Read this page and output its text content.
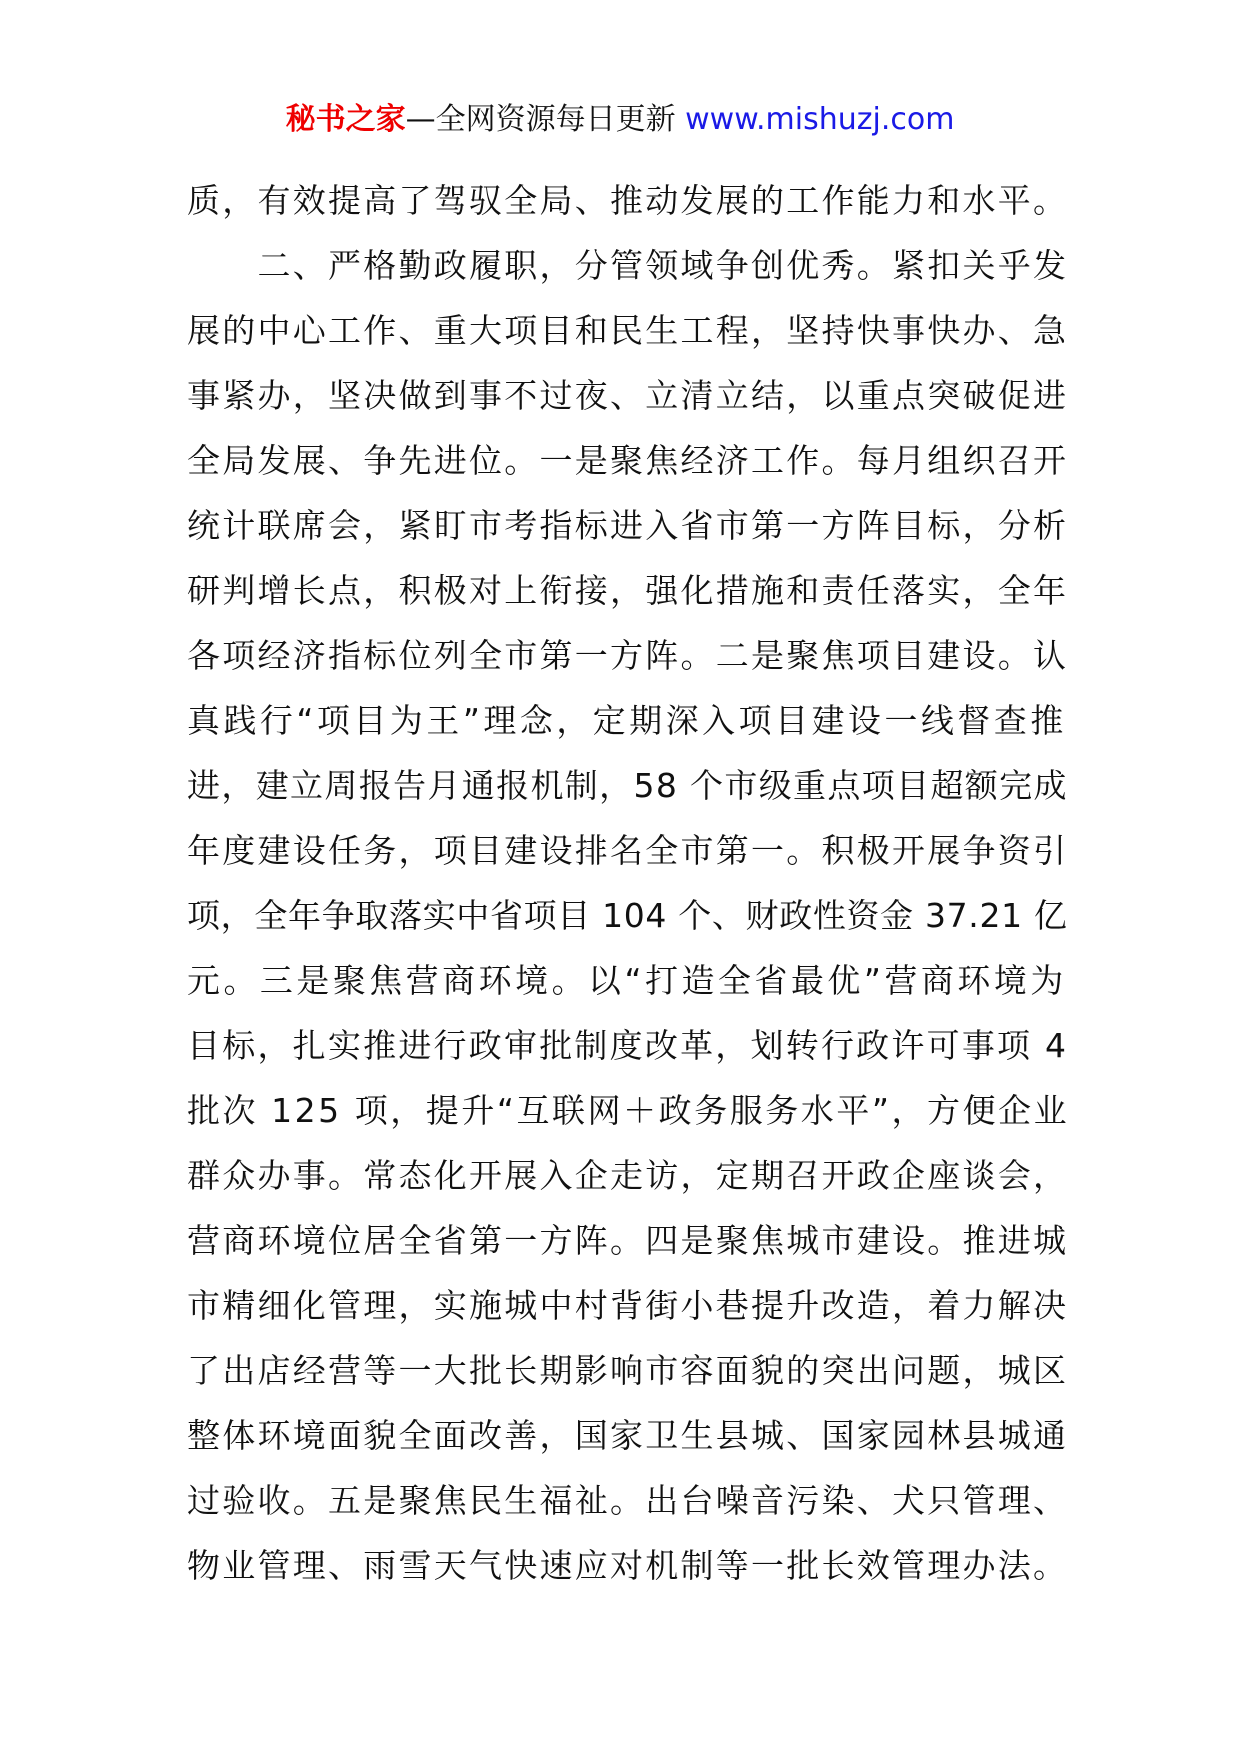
秘书之家—全网资源每日更新 www.mishuzj.com
质，有效提高了驾驭全局、推动发展的工作能力和水平。
　　二、严格勤政履职，分管领域争创优秀。紧扣关乎发
展的中心工作、重大项目和民生工程，坚持快事快办、急
事紧办，坚决做到事不过夜、立清立结，以重点突破促进
全局发展、争先进位。一是聚焦经济工作。每月组织召开
统计联席会，紧盯市考指标进入省市第一方阵目标，分析
研判增长点，积极对上衔接，强化措施和责任落实，全年
各项经济指标位列全市第一方阵。二是聚焦项目建设。认
真践行“项目为王”理念，定期深入项目建设一线督查推
进，建立周报告月通报机制，58 个市级重点项目超额完成
年度建设任务，项目建设排名全市第一。积极开展争资引
项，全年争取落实中省项目 104 个、财政性资金 37.21 亿
元。三是聚焦营商环境。以“打造全省最优”营商环境为
目标，扎实推进行政审批制度改革，划转行政许可事项 4
批次 125 项，提升“互联网＋政务服务水平”，方便企业
群众办事。常态化开展入企走访，定期召开政企座谈会，
营商环境位居全省第一方阵。四是聚焦城市建设。推进城
市精细化管理，实施城中村背街小巷提升改造，着力解决
了出店经营等一大批长期影响市容面貌的突出问题，城区
整体环境面貌全面改善，国家卫生县城、国家园林县城通
过验收。五是聚焦民生福祉。出台噪音污染、犬只管理、
物业管理、雨雪天气快速应对机制等一批长效管理办法。
